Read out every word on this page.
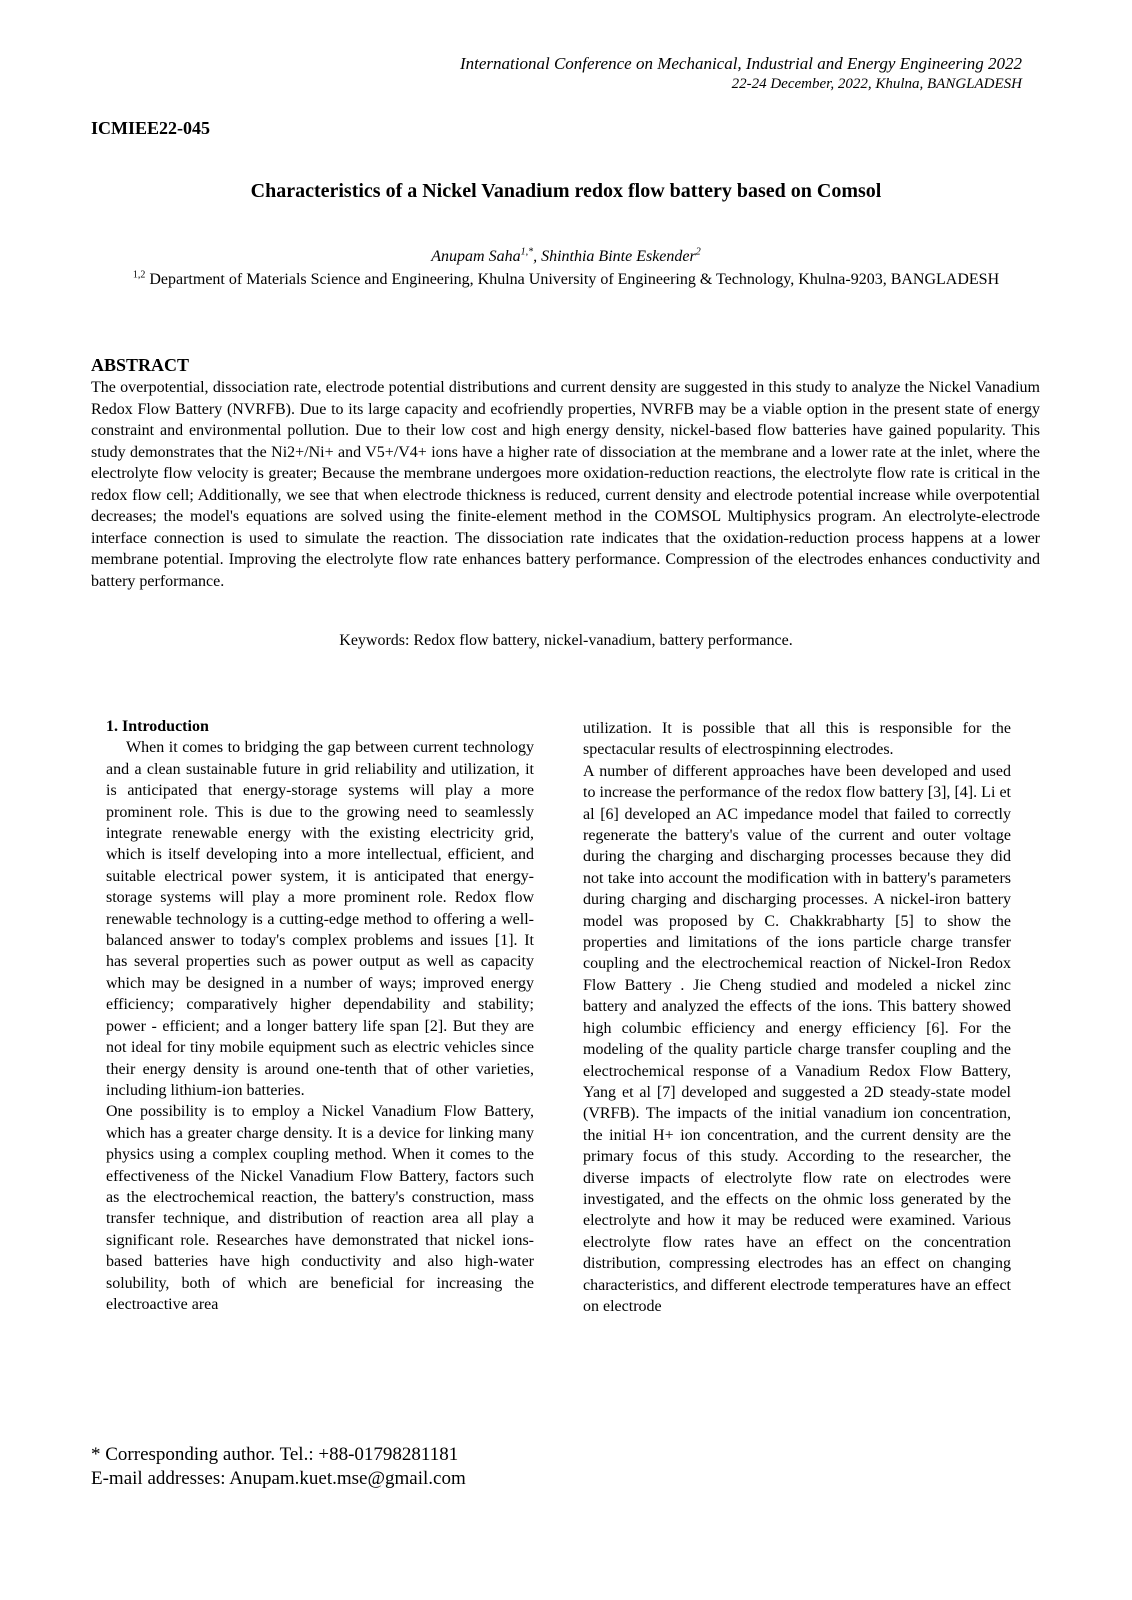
International Conference on Mechanical, Industrial and Energy Engineering 2022
22-24 December, 2022, Khulna, BANGLADESH
ICMIEE22-045
Characteristics of a Nickel Vanadium redox flow battery based on Comsol
Anupam Saha$^{1,*}$, Shinthia Binte Eskender$^2$
$^{1,2}$ Department of Materials Science and Engineering, Khulna University of Engineering & Technology, Khulna-9203, BANGLADESH
ABSTRACT
The overpotential, dissociation rate, electrode potential distributions and current density are suggested in this study to analyze the Nickel Vanadium Redox Flow Battery (NVRFB). Due to its large capacity and ecofriendly properties, NVRFB may be a viable option in the present state of energy constraint and environmental pollution. Due to their low cost and high energy density, nickel-based flow batteries have gained popularity. This study demonstrates that the Ni2+/Ni+ and V5+/V4+ ions have a higher rate of dissociation at the membrane and a lower rate at the inlet, where the electrolyte flow velocity is greater; Because the membrane undergoes more oxidation-reduction reactions, the electrolyte flow rate is critical in the redox flow cell; Additionally, we see that when electrode thickness is reduced, current density and electrode potential increase while overpotential decreases; the model's equations are solved using the finite-element method in the COMSOL Multiphysics program. An electrolyte-electrode interface connection is used to simulate the reaction. The dissociation rate indicates that the oxidation-reduction process happens at a lower membrane potential. Improving the electrolyte flow rate enhances battery performance. Compression of the electrodes enhances conductivity and battery performance.
Keywords: Redox flow battery, nickel-vanadium, battery performance.

1. Introduction

When it comes to bridging the gap between current technology and a clean sustainable future in grid reliability and utilization, it is anticipated that energy-storage systems will play a more prominent role. This is due to the growing need to seamlessly integrate renewable energy with the existing electricity grid, which is itself developing into a more intellectual, efficient, and suitable electrical power system, it is anticipated that energy-storage systems will play a more prominent role. Redox flow renewable technology is a cutting-edge method to offering a well-balanced answer to today's complex problems and issues [1]. It has several properties such as power output as well as capacity which may be designed in a number of ways; improved energy efficiency; comparatively higher dependability and stability; power - efficient; and a longer battery life span [2]. But they are not ideal for tiny mobile equipment such as electric vehicles since their energy density is around one-tenth that of other varieties, including lithium-ion batteries.

One possibility is to employ a Nickel Vanadium Flow Battery, which has a greater charge density. It is a device for linking many physics using a complex coupling method. When it comes to the effectiveness of the Nickel Vanadium Flow Battery, factors such as the electrochemical reaction, the battery's construction, mass transfer technique, and distribution of reaction area all play a significant role. Researches have demonstrated that nickel ions-based batteries have high conductivity and also high-water solubility, both of which are beneficial for increasing the electroactive area

utilization. It is possible that all this is responsible for the spectacular results of electrospinning electrodes.

A number of different approaches have been developed and used to increase the performance of the redox flow battery [3], [4]. Li et al [6] developed an AC impedance model that failed to correctly regenerate the battery's value of the current and outer voltage during the charging and discharging processes because they did not take into account the modification with in battery's parameters during charging and discharging processes. A nickel-iron battery model was proposed by C. Chakkrabharty [5] to show the properties and limitations of the ions particle charge transfer coupling and the electrochemical reaction of Nickel-Iron Redox Flow Battery . Jie Cheng studied and modeled a nickel zinc battery and analyzed the effects of the ions. This battery showed high columbic efficiency and energy efficiency [6]. For the modeling of the quality particle charge transfer coupling and the electrochemical response of a Vanadium Redox Flow Battery, Yang et al [7] developed and suggested a 2D steady-state model (VRFB). The impacts of the initial vanadium ion concentration, the initial H+ ion concentration, and the current density are the primary focus of this study. According to the researcher, the diverse impacts of electrolyte flow rate on electrodes were investigated, and the effects on the ohmic loss generated by the electrolyte and how it may be reduced were examined. Various electrolyte flow rates have an effect on the concentration distribution, compressing electrodes has an effect on changing characteristics, and different electrode temperatures have an effect on electrode

* Corresponding author. Tel.: +88-01798281181
E-mail addresses: Anupam.kuet.mse@gmail.com
